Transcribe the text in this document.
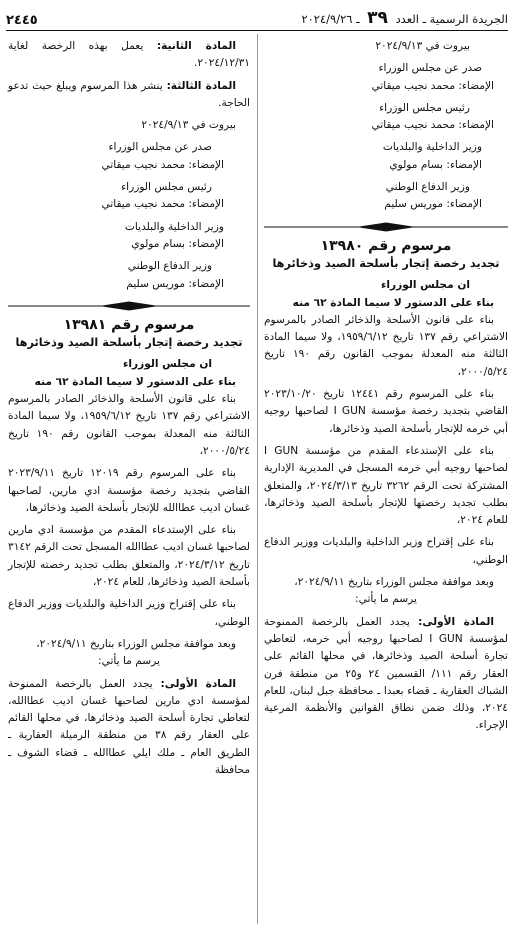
الجريدة الرسمية ـ العدد ٣٩ ـ ٢٠٢٤/٩/٢٦
٢٤٤٥

بيروت في ٢٠٢٤/٩/١٣

صدر عن مجلس الوزراء

الإمضاء: محمد نجيب ميقاتي

رئيس مجلس الوزراء

الإمضاء: محمد نجيب ميقاتي

وزير الداخلية والبلديات

الإمضاء: بسام مولوي

وزير الدفاع الوطني

الإمضاء: موريس سليم

مرسوم رقم ١٣٩٨٠

تجديد رخصة إتجار بأسلحة الصيد وذخائرها

ان مجلس الوزراء

بناء على الدستور لا سيما المادة ٦٢ منه

بناء على قانون الأسلحة والذخائر الصادر بالمرسوم الاشتراعي رقم ١٣٧ تاريخ ١٩٥٩/٦/١٢، ولا سيما المادة الثالثة منه المعدلة بموجب القانون رقم ١٩٠ تاريخ ٢٠٠٠/٥/٢٤،

بناء على المرسوم رقم ١٢٤٤١ تاريخ ٢٠٢٣/١٠/٢٠ القاضي بتجديد رخصة مؤسسة I GUN لصاحبها روجيه أبي خرمه للإتجار بأسلحة الصيد وذخائرها،

بناء على الإستدعاء المقدم من مؤسسة I GUN لصاحبها روجيه أبي خرمه المسجل في المديرية الإدارية المشتركة تحت الرقم ٣٢٦٢ تاريخ ٢٠٢٤/٣/١٣، والمتعلق بطلب تجديد رخصتها للإتجار بأسلحة الصيد وذخائرها، للعام ٢٠٢٤،

بناء على إقتراح وزير الداخلية والبلديات ووزير الدفاع الوطني،

وبعد موافقة مجلس الوزراء بتاريخ ٢٠٢٤/٩/١١،

يرسم ما يأتي:

المادة الأولى: يجدد العمل بالرخصة الممنوحة لمؤسسة I GUN لصاحبها روجيه أبي خرمه، لتعاطي تجارة أسلحة الصيد وذخائرها، في محلها القائم على العقار رقم ١١١/ القسمين ٢٤ و٢٥ من منطقة فرن الشباك العقارية ـ قضاء بعبدا ـ محافظة جبل لبنان، للعام ٢٠٢٤، وذلك ضمن نطاق القوانين والأنظمة المرعية الإجراء.

المادة الثانية: يعمل بهذه الرخصة لغاية ٢٠٢٤/١٢/٣١.

المادة الثالثة: ينشر هذا المرسوم ويبلغ حيث تدعو الحاجة.

بيروت في ٢٠٢٤/٩/١٣

صدر عن مجلس الوزراء

الإمضاء: محمد نجيب ميقاتي

رئيس مجلس الوزراء

الإمضاء: محمد نجيب ميقاتي

وزير الداخلية والبلديات

الإمضاء: بسام مولوي

وزير الدفاع الوطني

الإمضاء: موريس سليم

مرسوم رقم ١٣٩٨١

تجديد رخصة إتجار بأسلحة الصيد وذخائرها

ان مجلس الوزراء

بناء على الدستور لا سيما المادة ٦٢ منه

بناء على قانون الأسلحة والذخائر الصادر بالمرسوم الاشتراعي رقم ١٣٧ تاريخ ١٩٥٩/٦/١٢، ولا سيما المادة الثالثة منه المعدلة بموجب القانون رقم ١٩٠ تاريخ ٢٠٠٠/٥/٢٤،

بناء على المرسوم رقم ١٢٠١٩ تاريخ ٢٠٢٣/٩/١١ القاضي بتجديد رخصة مؤسسة ادي مارين، لصاحبها غسان اديب عطاالله للإتجار بأسلحة الصيد وذخائرها،

بناء على الإستدعاء المقدم من مؤسسة ادي مارين لصاحبها غسان اديب عطاالله المسجل تحت الرقم ٣١٤٢ تاريخ ٢٠٢٤/٣/١٢، والمتعلق بطلب تجديد رخصته للإتجار بأسلحة الصيد وذخائرها، للعام ٢٠٢٤،

بناء على إقتراح وزير الداخلية والبلديات ووزير الدفاع الوطني،

وبعد موافقة مجلس الوزراء بتاريخ ٢٠٢٤/٩/١١،

يرسم ما يأتي:

المادة الأولى: يجدد العمل بالرخصة الممنوحة لمؤسسة ادي مارين لصاحبها غسان اديب عطاالله، لتعاطي تجارة أسلحة الصيد وذخائرها، في محلها القائم على العقار رقم ٣٨ من منطقة الرميلة العقارية ـ الطريق العام ـ ملك ايلي عطاالله ـ قضاء الشوف ـ محافظة
